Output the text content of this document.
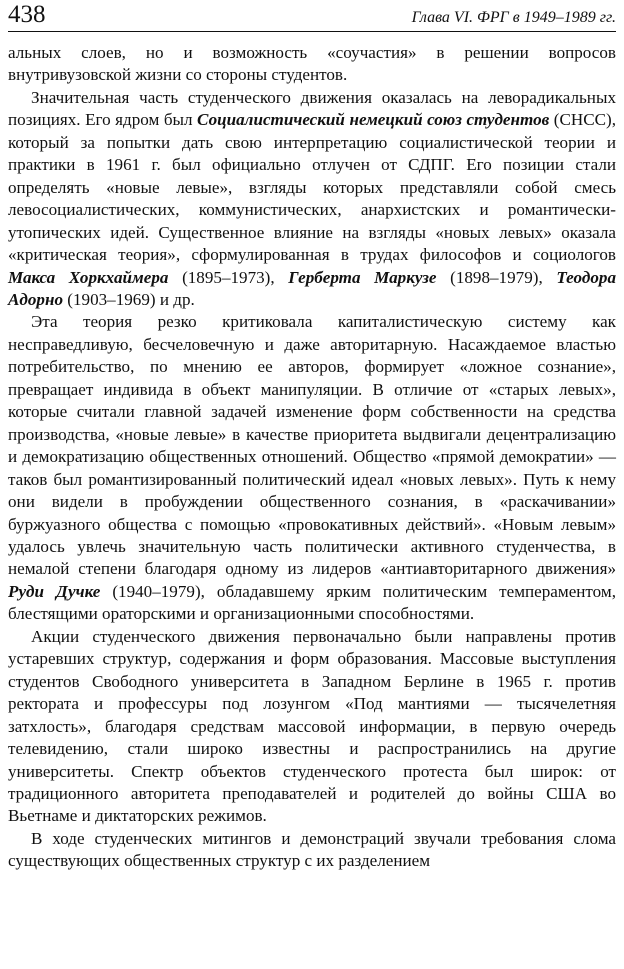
438	Глава VI. ФРГ в 1949–1989 гг.

альных слоев, но и возможность «соучастия» в решении вопросов внутривузовской жизни со стороны студентов.

Значительная часть студенческого движения оказалась на леворадикальных позициях. Его ядром был Социалистический немецкий союз студентов (СНСС), который за попытки дать свою интерпретацию социалистической теории и практики в 1961 г. был официально отлучен от СДПГ. Его позиции стали определять «новые левые», взгляды которых представляли собой смесь левосоциалистических, коммунистических, анархистских и романтически-утопических идей. Существенное влияние на взгляды «новых левых» оказала «критическая теория», сформулированная в трудах философов и социологов Макса Хоркхаймера (1895–1973), Герберта Маркузе (1898–1979), Теодора Адорно (1903–1969) и др.

Эта теория резко критиковала капиталистическую систему как несправедливую, бесчеловечную и даже авторитарную. Насаждаемое властью потребительство, по мнению ее авторов, формирует «ложное сознание», превращает индивида в объект манипуляции. В отличие от «старых левых», которые считали главной задачей изменение форм собственности на средства производства, «новые левые» в качестве приоритета выдвигали децентрализацию и демократизацию общественных отношений. Общество «прямой демократии» — таков был романтизированный политический идеал «новых левых». Путь к нему они видели в пробуждении общественного сознания, в «раскачивании» буржуазного общества с помощью «провокативных действий». «Новым левым» удалось увлечь значительную часть политически активного студенчества, в немалой степени благодаря одному из лидеров «антиавторитарного движения» Руди Дучке (1940–1979), обладавшему ярким политическим темпераментом, блестящими ораторскими и организационными способностями.

Акции студенческого движения первоначально были направлены против устаревших структур, содержания и форм образования. Массовые выступления студентов Свободного университета в Западном Берлине в 1965 г. против ректората и профессуры под лозунгом «Под мантиями — тысячелетняя затхлость», благодаря средствам массовой информации, в первую очередь телевидению, стали широко известны и распространились на другие университеты. Спектр объектов студенческого протеста был широк: от традиционного авторитета преподавателей и родителей до войны США во Вьетнаме и диктаторских режимов.

В ходе студенческих митингов и демонстраций звучали требования слома существующих общественных структур с их разделением
